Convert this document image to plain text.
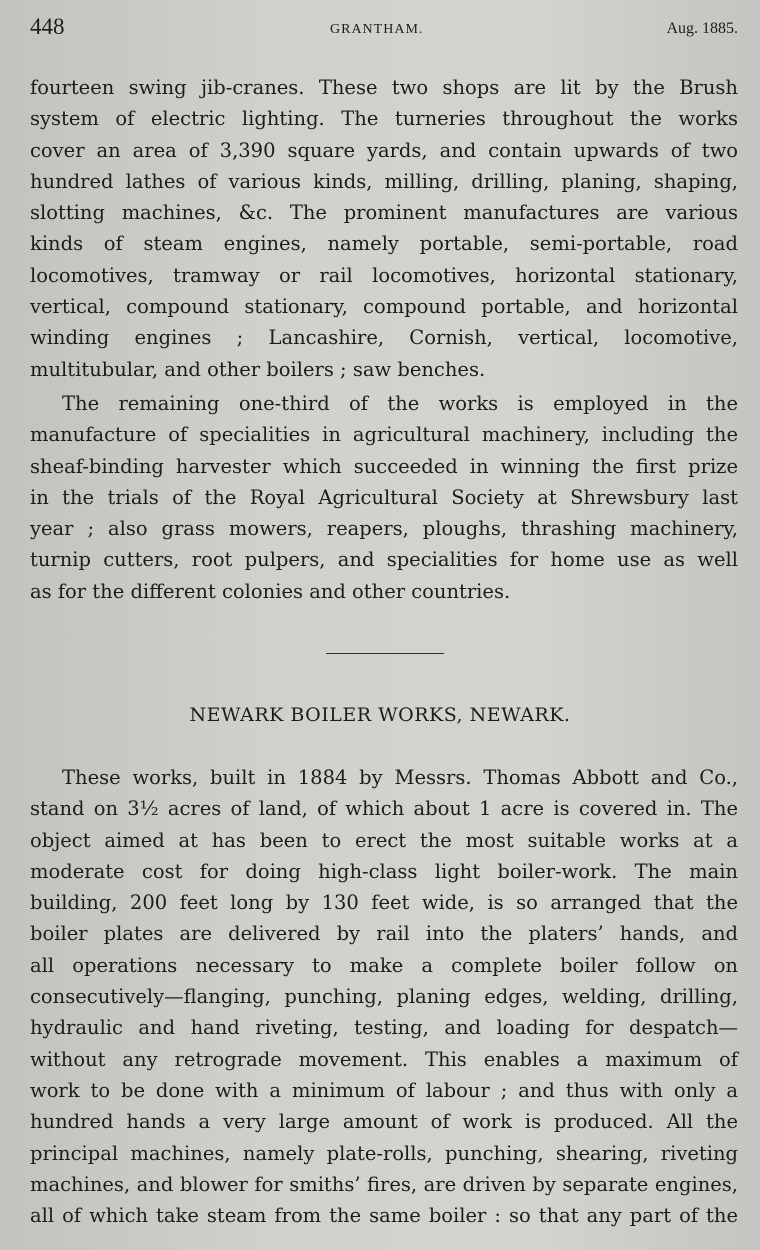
448	GRANTHAM.	Aug. 1885.
fourteen swing jib-cranes. These two shops are lit by the Brush
system of electric lighting. The turneries throughout the works
cover an area of 3,390 square yards, and contain upwards of two
hundred lathes of various kinds, milling, drilling, planing, shaping,
slotting machines, &c. The prominent manufactures are various
kinds of steam engines, namely portable, semi-portable, road
locomotives, tramway or rail locomotives, horizontal stationary,
vertical, compound stationary, compound portable, and horizontal
winding engines ; Lancashire, Cornish, vertical, locomotive,
multitubular, and other boilers ; saw benches.
The remaining one-third of the works is employed in the
manufacture of specialities in agricultural machinery, including the
sheaf-binding harvester which succeeded in winning the first prize
in the trials of the Royal Agricultural Society at Shrewsbury last
year ; also grass mowers, reapers, ploughs, thrashing machinery,
turnip cutters, root pulpers, and specialities for home use as well
as for the different colonies and other countries.
NEWARK BOILER WORKS, NEWARK.
These works, built in 1884 by Messrs. Thomas Abbott and Co.,
stand on 3½ acres of land, of which about 1 acre is covered in. The
object aimed at has been to erect the most suitable works at a
moderate cost for doing high-class light boiler-work. The main
building, 200 feet long by 130 feet wide, is so arranged that the
boiler plates are delivered by rail into the platers’ hands, and
all operations necessary to make a complete boiler follow on
consecutively—flanging, punching, planing edges, welding, drilling,
hydraulic and hand riveting, testing, and loading for despatch—
without any retrograde movement. This enables a maximum of
work to be done with a minimum of labour ; and thus with only a
hundred hands a very large amount of work is produced. All the
principal machines, namely plate-rolls, punching, shearing, riveting
machines, and blower for smiths’ fires, are driven by separate engines,
all of which take steam from the same boiler : so that any part of the
